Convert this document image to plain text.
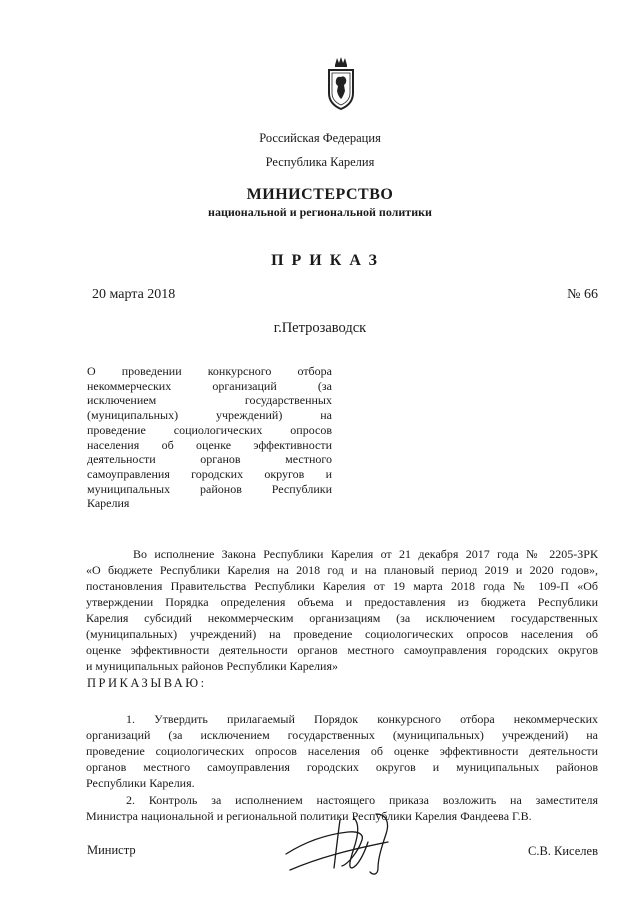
Российская Федерация
Республика Карелия
МИНИСТЕРСТВО
национальной и региональной политики
ПРИКАЗ
20 марта 2018	№ 66
г.Петрозаводск
О проведении конкурсного отбора
некоммерческих организаций (за
исключением государственных
(муниципальных) учреждений) на
проведение социологических опросов
населения об оценке эффективности
деятельности органов местного
самоуправления городских округов и
муниципальных районов Республики
Карелия
Во исполнение Закона Республики Карелия от 21 декабря 2017 года № 2205-ЗРК
«О бюджете Республики Карелия на 2018 год и на плановый период 2019 и 2020 годов»,
постановления Правительства Республики Карелия от 19 марта 2018 года № 109-П «Об
утверждении Порядка определения объема и предоставления из бюджета Республики
Карелия субсидий некоммерческим организациям (за исключением государственных
(муниципальных) учреждений) на проведение социологических опросов населения об
оценке эффективности деятельности органов местного самоуправления городских округов
и муниципальных районов Республики Карелия»
ПРИКАЗЫВАЮ:
1. Утвердить прилагаемый Порядок конкурсного отбора некоммерческих
организаций (за исключением государственных (муниципальных) учреждений) на
проведение социологических опросов населения об оценке эффективности деятельности
органов местного самоуправления городских округов и муниципальных районов
Республики Карелия.
2. Контроль за исполнением настоящего приказа возложить на заместителя
Министра национальной и региональной политики Республики Карелия Фандеева Г.В.
Министр	С.В. Киселев
